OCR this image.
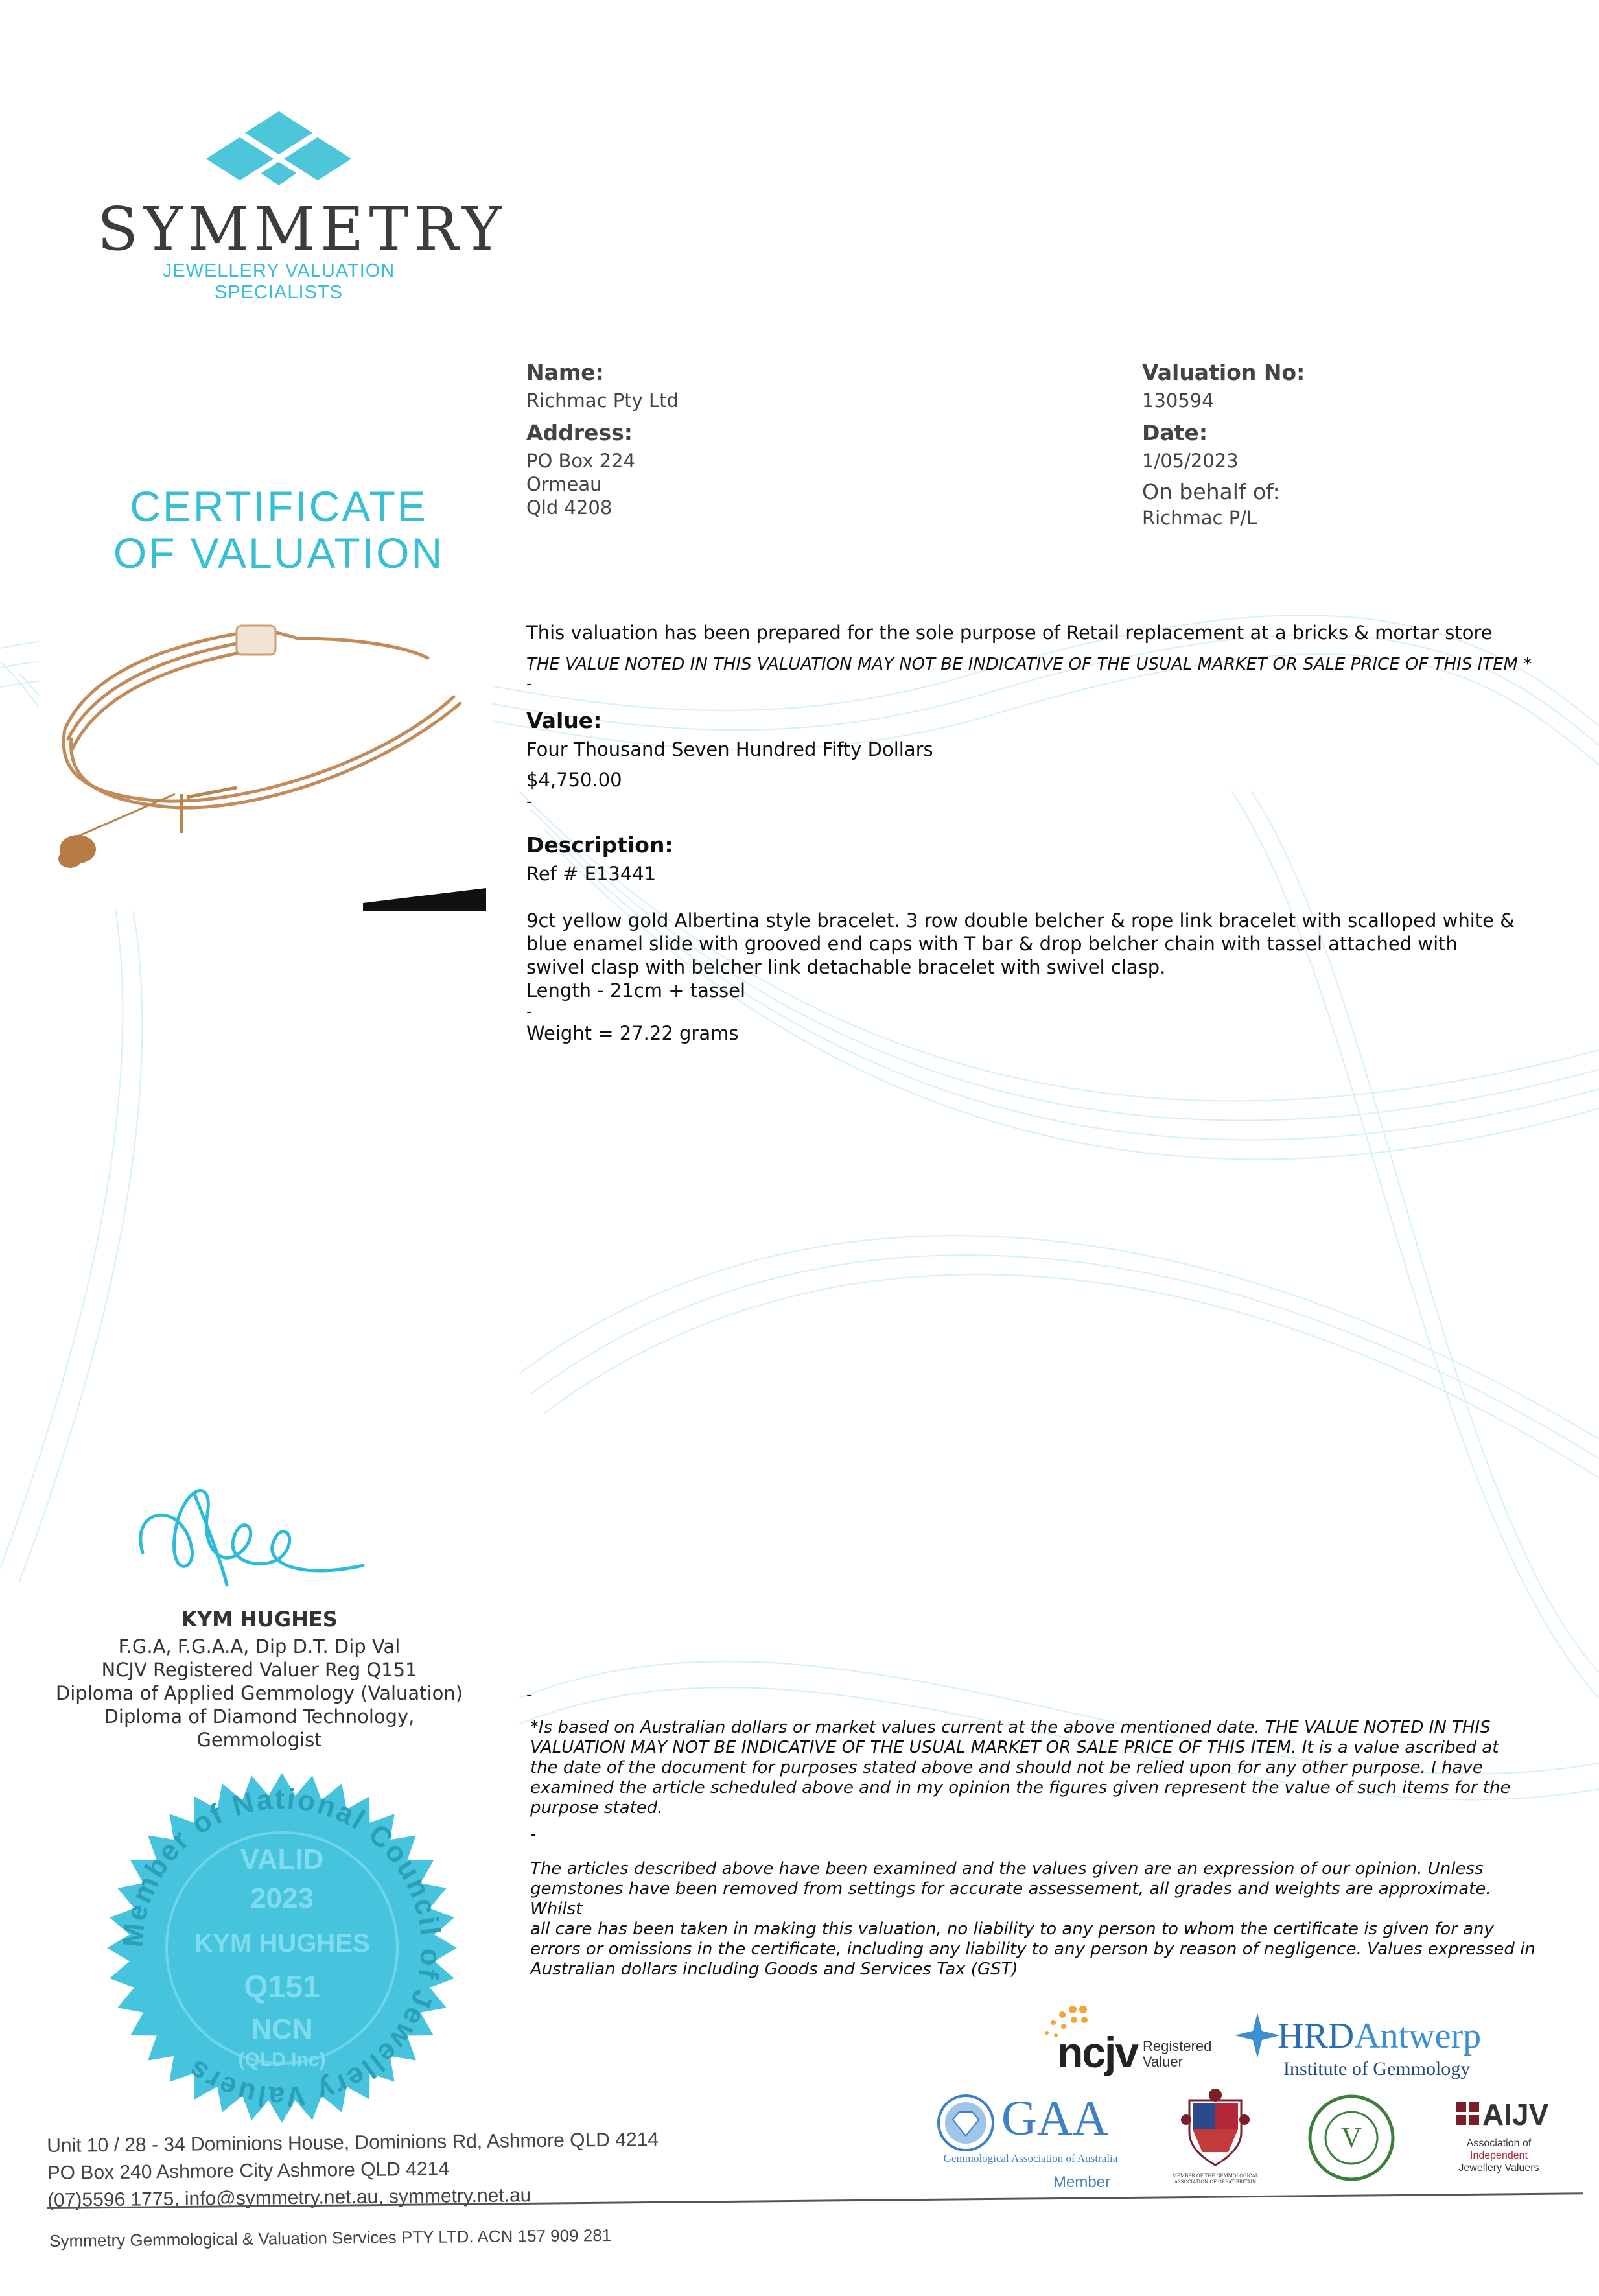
SYMMETRY
JEWELLERY VALUATION SPECIALISTS
CERTIFICATE
OF VALUATION
Name:
Richmac Pty Ltd
Address:
PO Box 224
Ormeau
Qld 4208
Valuation No:
130594
Date:
1/05/2023
On behalf of:
Richmac P/L
This valuation has been prepared for the sole purpose of Retail replacement at a bricks & mortar store
THE VALUE NOTED IN THIS VALUATION MAY NOT BE INDICATIVE OF THE USUAL MARKET OR SALE PRICE OF THIS ITEM *
-
Value:
Four Thousand Seven Hundred Fifty Dollars
$4,750.00
-
Description:
Ref # E13441
9ct yellow gold Albertina style bracelet. 3 row double belcher & rope link bracelet with scalloped white &
blue enamel slide with grooved end caps with T bar & drop belcher chain with tassel attached with
swivel clasp with belcher link detachable bracelet with swivel clasp.
Length - 21cm + tassel
-
Weight = 27.22 grams
KYM HUGHES
F.G.A, F.G.A.A, Dip D.T. Dip Val
NCJV Registered Valuer Reg Q151
Diploma of Applied Gemmology (Valuation)
Diploma of Diamond Technology,
Gemmologist
Member of National Council of Jewellery Valuers
VALID
2023
KYM HUGHES
Q151
NCN
(QLD Inc)
-
*Is based on Australian dollars or market values current at the above mentioned date. THE VALUE NOTED IN THIS
VALUATION MAY NOT BE INDICATIVE OF THE USUAL MARKET OR SALE PRICE OF THIS ITEM. It is a value ascribed at
the date of the document for purposes stated above and should not be relied upon for any other purpose. I have
examined the article scheduled above and in my opinion the figures given represent the value of such items for the
purpose stated.
-
The articles described above have been examined and the values given are an expression of our opinion. Unless
gemstones have been removed from settings for accurate assessement, all grades and weights are approximate. Whilst
all care has been taken in making this valuation, no liability to any person to whom the certificate is given for any
errors or omissions in the certificate, including any liability to any person by reason of negligence. Values expressed in
Australian dollars including Goods and Services Tax (GST)
ncjv Registered
Valuer
HRDAntwerp
Institute of Gemmology
GAA
Gemmological Association of Australia
Member	MEMBER OF THE GEMMOLOGICAL
ASSOCIATION OF GREAT BRITAIN
V
AIJV
Association of
Independent
Jewellery Valuers
Unit 10 / 28 - 34 Dominions House, Dominions Rd, Ashmore QLD 4214
PO Box 240 Ashmore City Ashmore QLD 4214
(07)5596 1775, info@symmetry.net.au, symmetry.net.au
Symmetry Gemmological & Valuation Services PTY LTD. ACN 157 909 281
